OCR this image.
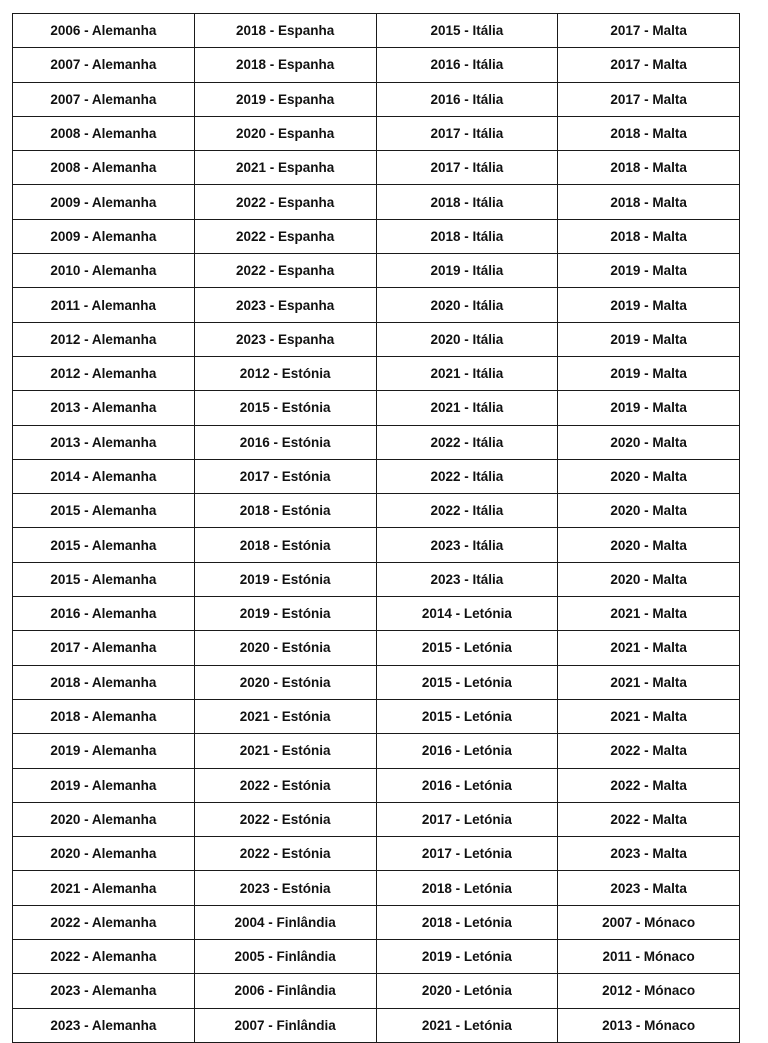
2006 - Alemanha	2018 - Espanha	2015 - Itália	2017 - Malta
2007 - Alemanha	2018 - Espanha	2016 - Itália	2017 - Malta
2007 - Alemanha	2019 - Espanha	2016 - Itália	2017 - Malta
2008 - Alemanha	2020 - Espanha	2017 - Itália	2018 - Malta
2008 - Alemanha	2021 - Espanha	2017 - Itália	2018 - Malta
2009 - Alemanha	2022 - Espanha	2018 - Itália	2018 - Malta
2009 - Alemanha	2022 - Espanha	2018 - Itália	2018 - Malta
2010 - Alemanha	2022 - Espanha	2019 - Itália	2019 - Malta
2011 - Alemanha	2023 - Espanha	2020 - Itália	2019 - Malta
2012 - Alemanha	2023 - Espanha	2020 - Itália	2019 - Malta
2012 - Alemanha	2012 - Estónia	2021 - Itália	2019 - Malta
2013 - Alemanha	2015 - Estónia	2021 - Itália	2019 - Malta
2013 - Alemanha	2016 - Estónia	2022 - Itália	2020 - Malta
2014 - Alemanha	2017 - Estónia	2022 - Itália	2020 - Malta
2015 - Alemanha	2018 - Estónia	2022 - Itália	2020 - Malta
2015 - Alemanha	2018 - Estónia	2023 - Itália	2020 - Malta
2015 - Alemanha	2019 - Estónia	2023 - Itália	2020 - Malta
2016 - Alemanha	2019 - Estónia	2014 - Letónia	2021 - Malta
2017 - Alemanha	2020 - Estónia	2015 - Letónia	2021 - Malta
2018 - Alemanha	2020 - Estónia	2015 - Letónia	2021 - Malta
2018 - Alemanha	2021 - Estónia	2015 - Letónia	2021 - Malta
2019 - Alemanha	2021 - Estónia	2016 - Letónia	2022 - Malta
2019 - Alemanha	2022 - Estónia	2016 - Letónia	2022 - Malta
2020 - Alemanha	2022 - Estónia	2017 - Letónia	2022 - Malta
2020 - Alemanha	2022 - Estónia	2017 - Letónia	2023 - Malta
2021 - Alemanha	2023 - Estónia	2018 - Letónia	2023 - Malta
2022 - Alemanha	2004 - Finlândia	2018 - Letónia	2007 - Mónaco
2022 - Alemanha	2005 - Finlândia	2019 - Letónia	2011 - Mónaco
2023 - Alemanha	2006 - Finlândia	2020 - Letónia	2012 - Mónaco
2023 - Alemanha	2007 - Finlândia	2021 - Letónia	2013 - Mónaco
